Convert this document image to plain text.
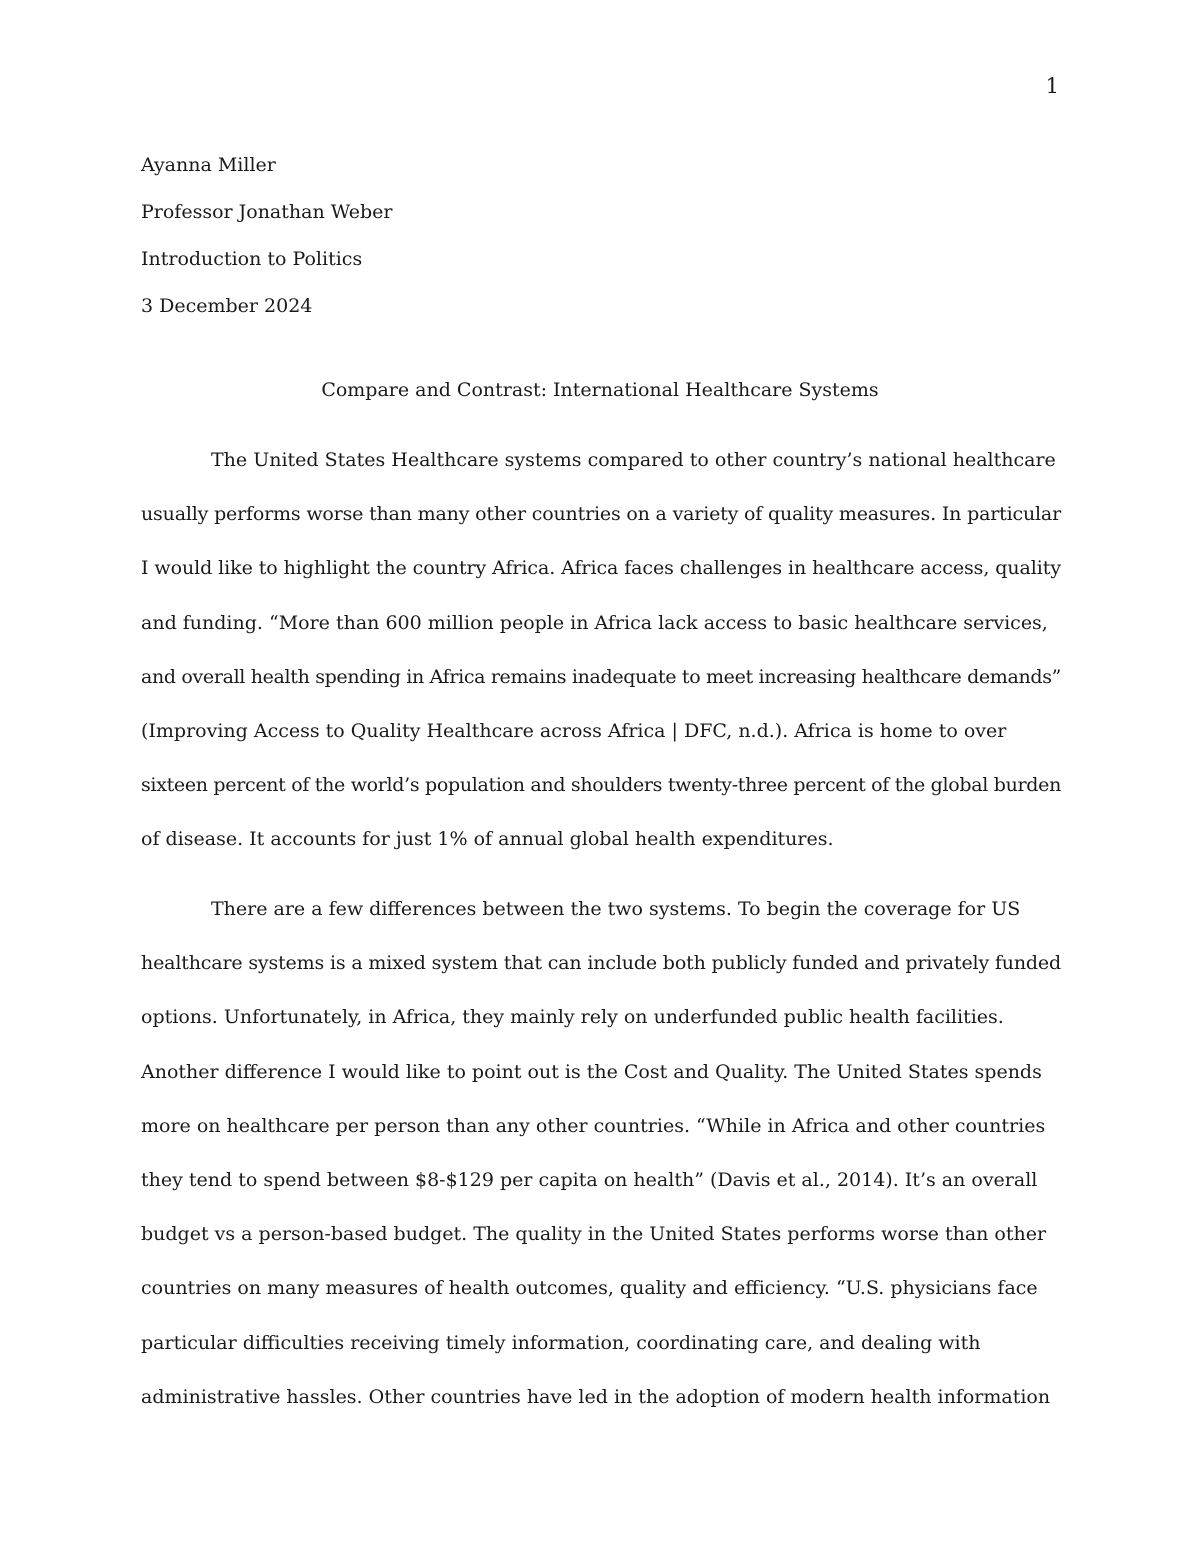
1
Ayanna Miller
Professor Jonathan Weber
Introduction to Politics
3 December 2024
Compare and Contrast: International Healthcare Systems
The United States Healthcare systems compared to other country’s national healthcare
usually performs worse than many other countries on a variety of quality measures. In particular
I would like to highlight the country Africa. Africa faces challenges in healthcare access, quality
and funding. “More than 600 million people in Africa lack access to basic healthcare services,
and overall health spending in Africa remains inadequate to meet increasing healthcare demands”
(Improving Access to Quality Healthcare across Africa | DFC, n.d.). Africa is home to over
sixteen percent of the world’s population and shoulders twenty-three percent of the global burden
of disease. It accounts for just 1% of annual global health expenditures.
There are a few differences between the two systems. To begin the coverage for US
healthcare systems is a mixed system that can include both publicly funded and privately funded
options. Unfortunately, in Africa, they mainly rely on underfunded public health facilities.
Another difference I would like to point out is the Cost and Quality. The United States spends
more on healthcare per person than any other countries. “While in Africa and other countries
they tend to spend between $8-$129 per capita on health” (Davis et al., 2014). It’s an overall
budget vs a person-based budget. The quality in the United States performs worse than other
countries on many measures of health outcomes, quality and efficiency. “U.S. physicians face
particular difficulties receiving timely information, coordinating care, and dealing with
administrative hassles. Other countries have led in the adoption of modern health information
